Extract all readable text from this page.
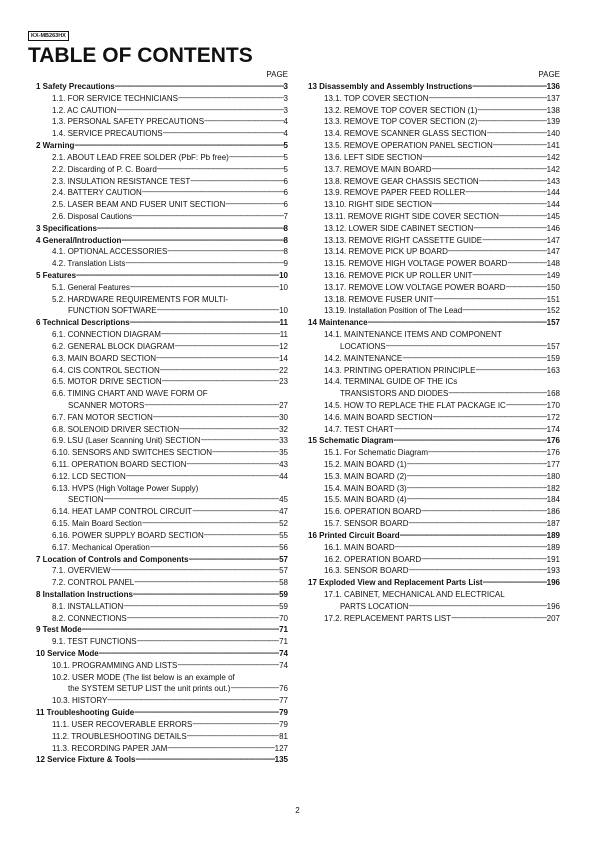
KX-MB263HX
TABLE OF CONTENTS
PAGE
1 Safety Precautions -----	3
1.1. FOR SERVICE TECHNICIANS -----	3
1.2. AC CAUTION -----	3
1.3. PERSONAL SAFETY PRECAUTIONS -----	4
1.4. SERVICE PRECAUTIONS -----	4
2 Warning -----	5
2.1. ABOUT LEAD FREE SOLDER (PbF: Pb free) -----	5
2.2. Discarding of P. C. Board -----	5
2.3. INSULATION RESISTANCE TEST -----	6
2.4. BATTERY CAUTION -----	6
2.5. LASER BEAM AND FUSER UNIT SECTION -----	6
2.6. Disposal Cautions -----	7
3 Specifications -----	8
4 General/Introduction -----	8
4.1. OPTIONAL ACCESSORIES -----	8
4.2. Translation Lists -----	9
5 Features -----	10
5.1. General Features -----	10
5.2. HARDWARE REQUIREMENTS FOR MULTI-
FUNCTION SOFTWARE -----	10
6 Technical Descriptions -----	11
6.1. CONNECTION DIAGRAM -----	11
6.2. GENERAL BLOCK DIAGRAM -----	12
6.3. MAIN BOARD SECTION -----	14
6.4. CIS CONTROL SECTION -----	22
6.5. MOTOR DRIVE SECTION -----	23
6.6. TIMING CHART AND WAVE FORM OF
SCANNER MOTORS -----	27
6.7. FAN MOTOR SECTION -----	30
6.8. SOLENOID DRIVER SECTION -----	32
6.9. LSU (Laser Scanning Unit) SECTION -----	33
6.10. SENSORS AND SWITCHES SECTION -----	35
6.11. OPERATION BOARD SECTION -----	43
6.12. LCD SECTION -----	44
6.13. HVPS (High Voltage Power Supply)
SECTION -----	45
6.14. HEAT LAMP CONTROL CIRCUIT -----	47
6.15. Main Board Section -----	52
6.16. POWER SUPPLY BOARD SECTION -----	55
6.17. Mechanical Operation -----	56
7 Location of Controls and Components -----	57
7.1. OVERVIEW -----	57
7.2. CONTROL PANEL -----	58
8 Installation Instructions -----	59
8.1. INSTALLATION -----	59
8.2. CONNECTIONS -----	70
9 Test Mode -----	71
9.1. TEST FUNCTIONS -----	71
10 Service Mode -----	74
10.1. PROGRAMMING AND LISTS -----	74
10.2. USER MODE (The list below is an example of
the SYSTEM SETUP LIST the unit prints out.) -----	76
10.3. HISTORY -----	77
11 Troubleshooting Guide -----	79
11.1. USER RECOVERABLE ERRORS -----	79
11.2. TROUBLESHOOTING DETAILS -----	81
11.3. RECORDING PAPER JAM -----	127
12 Service Fixture & Tools -----	135
PAGE
13 Disassembly and Assembly Instructions -----	136
13.1. TOP COVER SECTION -----	137
13.2. REMOVE TOP COVER SECTION (1) -----	138
13.3. REMOVE TOP COVER SECTION (2) -----	139
13.4. REMOVE SCANNER GLASS SECTION -----	140
13.5. REMOVE OPERATION PANEL SECTION -----	141
13.6. LEFT SIDE SECTION -----	142
13.7. REMOVE MAIN BOARD -----	142
13.8. REMOVE GEAR CHASSIS SECTION -----	143
13.9. REMOVE PAPER FEED ROLLER -----	144
13.10. RIGHT SIDE SECTION -----	144
13.11. REMOVE RIGHT SIDE COVER SECTION -----	145
13.12. LOWER SIDE CABINET SECTION -----	146
13.13. REMOVE RIGHT CASSETTE GUIDE -----	147
13.14. REMOVE PICK UP BOARD -----	147
13.15. REMOVE HIGH VOLTAGE POWER BOARD -----	148
13.16. REMOVE PICK UP ROLLER UNIT -----	149
13.17. REMOVE LOW VOLTAGE POWER BOARD -----	150
13.18. REMOVE FUSER UNIT -----	151
13.19. Installation Position of The Lead -----	152
14 Maintenance -----	157
14.1. MAINTENANCE ITEMS AND COMPONENT
LOCATIONS -----	157
14.2. MAINTENANCE -----	159
14.3. PRINTING OPERATION PRINCIPLE -----	163
14.4. TERMINAL GUIDE OF THE ICs
TRANSISTORS AND DIODES -----	168
14.5. HOW TO REPLACE THE FLAT PACKAGE IC -----	170
14.6. MAIN BOARD SECTION -----	172
14.7. TEST CHART -----	174
15 Schematic Diagram -----	176
15.1. For Schematic Diagram -----	176
15.2. MAIN BOARD (1) -----	177
15.3. MAIN BOARD (2) -----	180
15.4. MAIN BOARD (3) -----	182
15.5. MAIN BOARD (4) -----	184
15.6. OPERATION BOARD -----	186
15.7. SENSOR BOARD -----	187
16 Printed Circuit Board -----	189
16.1. MAIN BOARD -----	189
16.2. OPERATION BOARD -----	191
16.3. SENSOR BOARD -----	193
17 Exploded View and Replacement Parts List -----	196
17.1. CABINET, MECHANICAL AND ELECTRICAL
PARTS LOCATION -----	196
17.2. REPLACEMENT PARTS LIST -----	207
2
